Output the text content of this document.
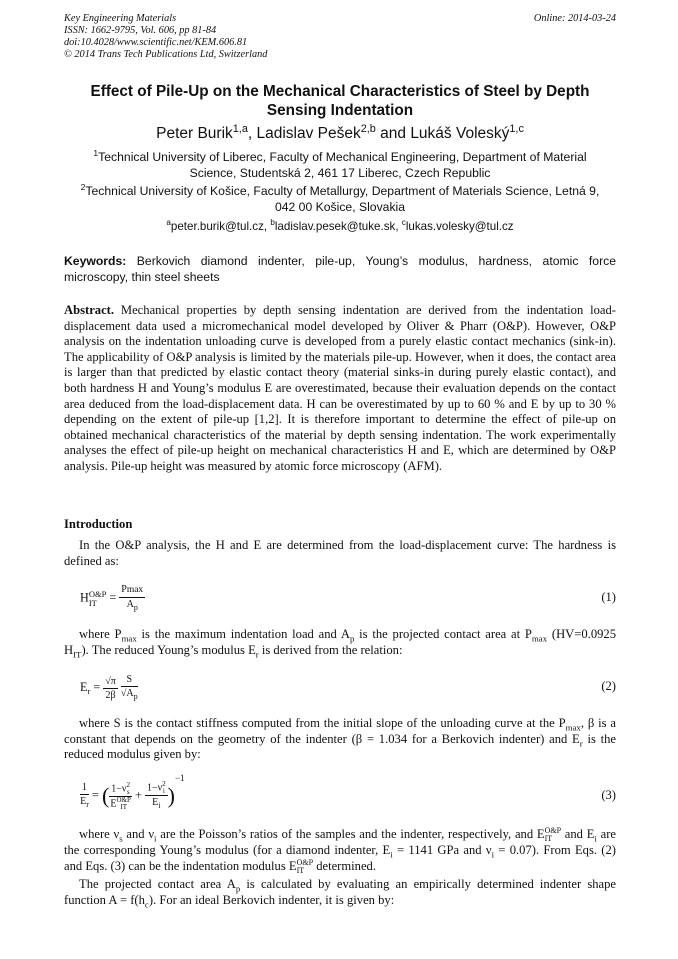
Key Engineering Materials
ISSN: 1662-9795, Vol. 606, pp 81-84
doi:10.4028/www.scientific.net/KEM.606.81
© 2014 Trans Tech Publications Ltd, Switzerland
Online: 2014-03-24
Effect of Pile-Up on the Mechanical Characteristics of Steel by Depth
Sensing Indentation
Peter Burik$^{1,a}$, Ladislav Pešek$^{2,b}$ and Lukáš Voleský$^{1,c}$
$^1$Technical University of Liberec, Faculty of Mechanical Engineering, Department of Material
Science, Studentská 2, 461 17 Liberec, Czech Republic
$^2$Technical University of Košice, Faculty of Metallurgy, Department of Materials Science, Letná 9,
042 00 Košice, Slovakia
$^a$peter.burik@tul.cz, $^b$ladislav.pesek@tuke.sk, $^c$lukas.volesky@tul.cz
Keywords: Berkovich diamond indenter, pile-up, Young’s modulus, hardness, atomic force microscopy, thin steel sheets
Abstract. Mechanical properties by depth sensing indentation are derived from the indentation load-displacement data used a micromechanical model developed by Oliver & Pharr (O&P). However, O&P analysis on the indentation unloading curve is developed from a purely elastic contact mechanics (sink-in). The applicability of O&P analysis is limited by the materials pile-up. However, when it does, the contact area is larger than that predicted by elastic contact theory (material sinks-in during purely elastic contact), and both hardness H and Young’s modulus E are overestimated, because their evaluation depends on the contact area deduced from the load-displacement data. H can be overestimated by up to 60 % and E by up to 30 % depending on the extent of pile-up [1,2]. It is therefore important to determine the effect of pile-up on obtained mechanical characteristics of the material by depth sensing indentation. The work experimentally analyses the effect of pile-up height on mechanical characteristics H and E, which are determined by O&P analysis. Pile-up height was measured by atomic force microscopy (AFM).
Introduction
In the O&P analysis, the H and E are determined from the load-displacement curve: The hardness is defined as:
H O&P
IT = $\frac{Pmax}{A_p}$	(1)
where $P_{max}$ is the maximum indentation load and $A_p$ is the projected contact area at $P_{max}$ (HV=0.0925 $H_{IT}$). The reduced Young’s modulus $E_r$ is derived from the relation:
$E_r = \frac{√\pi}{2\beta}$
$\frac{S}{√A_p}$	(2)
where S is the contact stiffness computed from the initial slope of the unloading curve at the $P_{max}$, β is a constant that depends on the geometry of the indenter (β = 1.034 for a Berkovich indenter) and $E_r$ is the reduced modulus given by:
$\frac{1}{E_r}$ = ( 1−ν 2
s
E O&P
IT + 1−ν 2
i
$E_i$ )$^{-1}$
(3)
where $\nu_s$ and $\nu_i$ are the Poisson’s ratios of the samples and the indenter, respectively, and E O&P
IT and $E_i$ are the corresponding Young’s modulus (for a diamond indenter, $E_i = 1141$ GPa and $\nu_i = 0.07$). From Eqs. (2) and Eqs. (3) can be the indentation modulus E O&P
IT determined.
The projected contact area $A_p$ is calculated by evaluating an empirically determined indenter shape function $A = f(h_c)$. For an ideal Berkovich indenter, it is given by:
